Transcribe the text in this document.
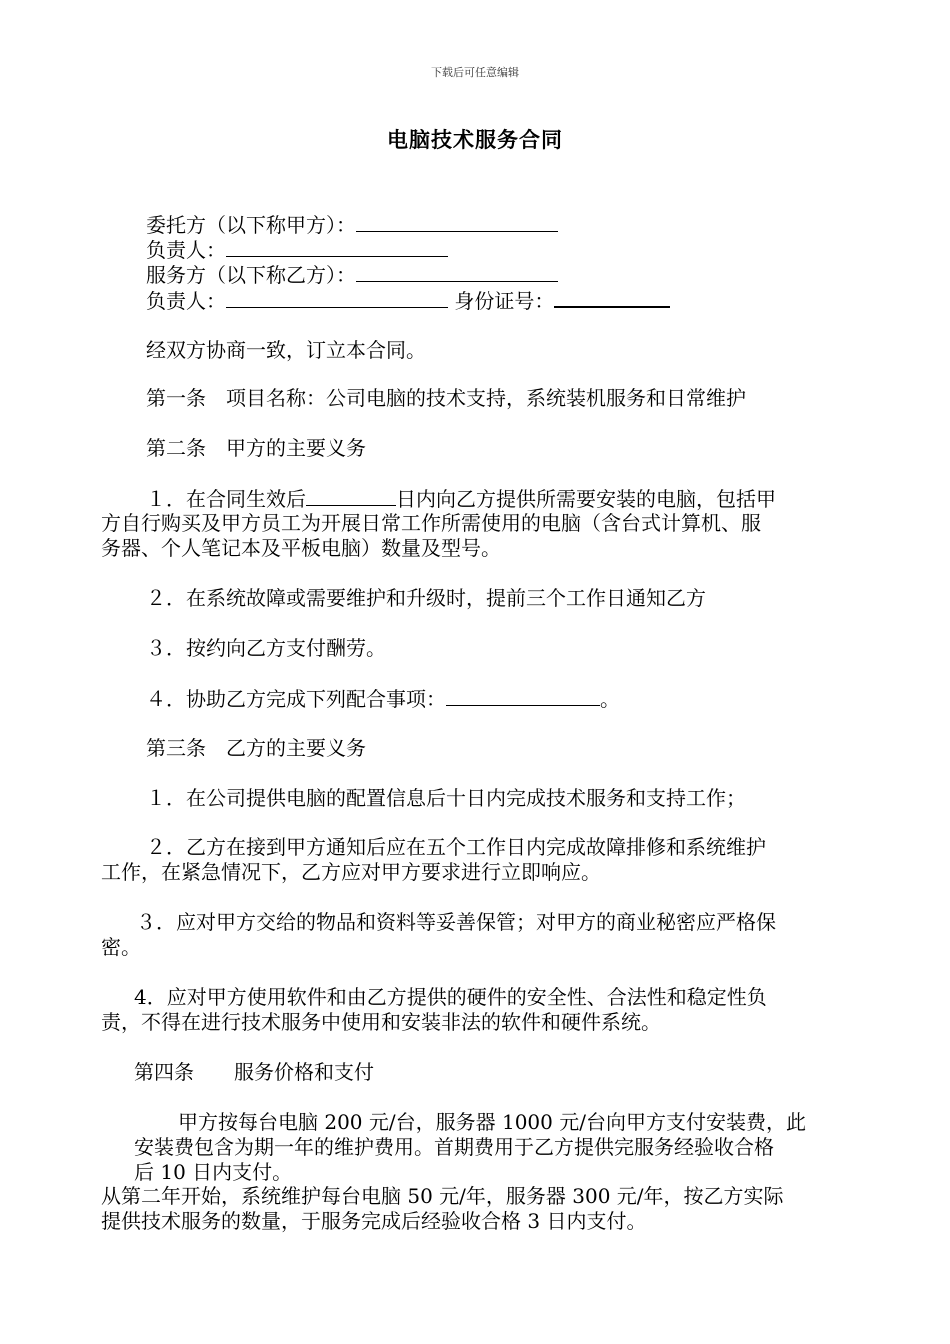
下载后可任意编辑
电脑技术服务合同
委托方（以下称甲方）：
负责人：
服务方（以下称乙方）：
负责人：	身份证号：
经双方协商一致，订立本合同。
第一条　项目名称：公司电脑的技术支持，系统装机服务和日常维护
第二条　甲方的主要义务
１．在合同生效后	日内向乙方提供所需要安装的电脑，包括甲
方自行购买及甲方员工为开展日常工作所需使用的电脑（含台式计算机、服
务器、个人笔记本及平板电脑）数量及型号。
２．在系统故障或需要维护和升级时，提前三个工作日通知乙方
３．按约向乙方支付酬劳。
４．协助乙方完成下列配合事项：	。
第三条　乙方的主要义务
１．在公司提供电脑的配置信息后十日内完成技术服务和支持工作；
２．乙方在接到甲方通知后应在五个工作日内完成故障排修和系统维护
工作，在紧急情况下，乙方应对甲方要求进行立即响应。
３．应对甲方交给的物品和资料等妥善保管；对甲方的商业秘密应严格保
密。
4．应对甲方使用软件和由乙方提供的硬件的安全性、合法性和稳定性负
责，不得在进行技术服务中使用和安装非法的软件和硬件系统。
第四条　　服务价格和支付
甲方按每台电脑 200 元/台，服务器 1000 元/台向甲方支付安装费，此
安装费包含为期一年的维护费用。首期费用于乙方提供完服务经验收合格
后 10 日内支付。
从第二年开始，系统维护每台电脑 50 元/年，服务器 300 元/年，按乙方实际
提供技术服务的数量，于服务完成后经验收合格 3 日内支付。
